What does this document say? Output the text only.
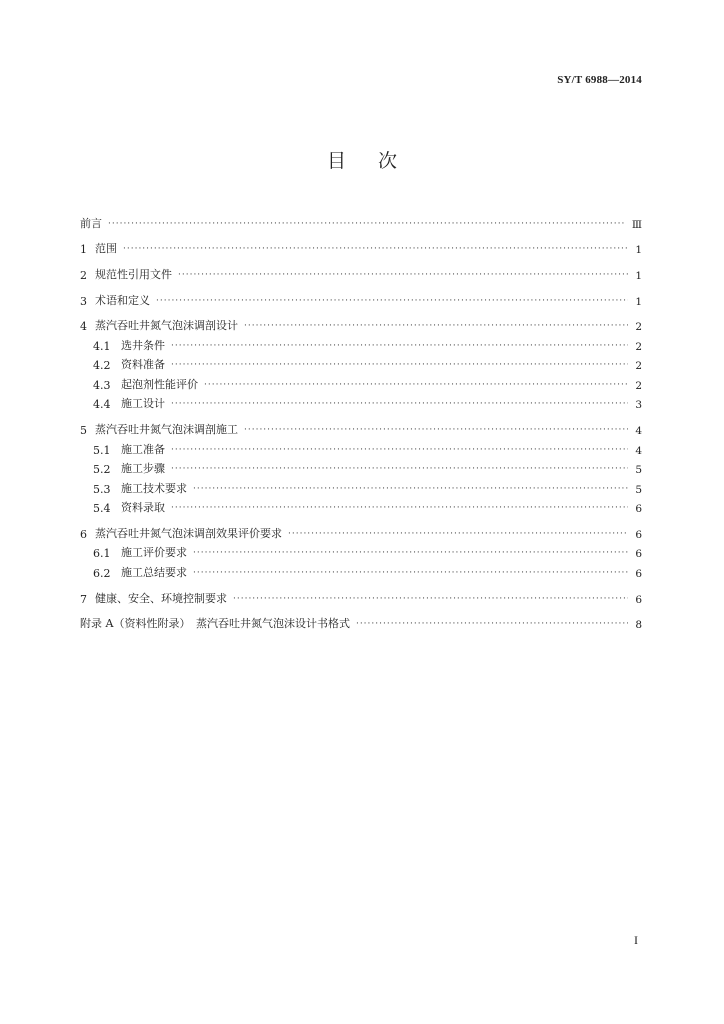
SY/T 6988—2014
目 次
前言 ·····	Ⅲ
1 范围 ·····	1
2 规范性引用文件 ·····	1
3 术语和定义 ·····	1
4 蒸汽吞吐井氮气泡沫调剖设计 ·····	2
4.1 选井条件 ·····	2
4.2 资料准备 ·····	2
4.3 起泡剂性能评价 ·····	2
4.4 施工设计 ·····	3
5 蒸汽吞吐井氮气泡沫调剖施工 ·····	4
5.1 施工准备 ·····	4
5.2 施工步骤 ·····	5
5.3 施工技术要求 ·····	5
5.4 资料录取 ·····	6
6 蒸汽吞吐井氮气泡沫调剖效果评价要求 ·····	6
6.1 施工评价要求 ·····	6
6.2 施工总结要求 ·····	6
7 健康、安全、环境控制要求 ·····	6
附录 A（资料性附录）　蒸汽吞吐井氮气泡沫设计书格式 ·····	8
I
